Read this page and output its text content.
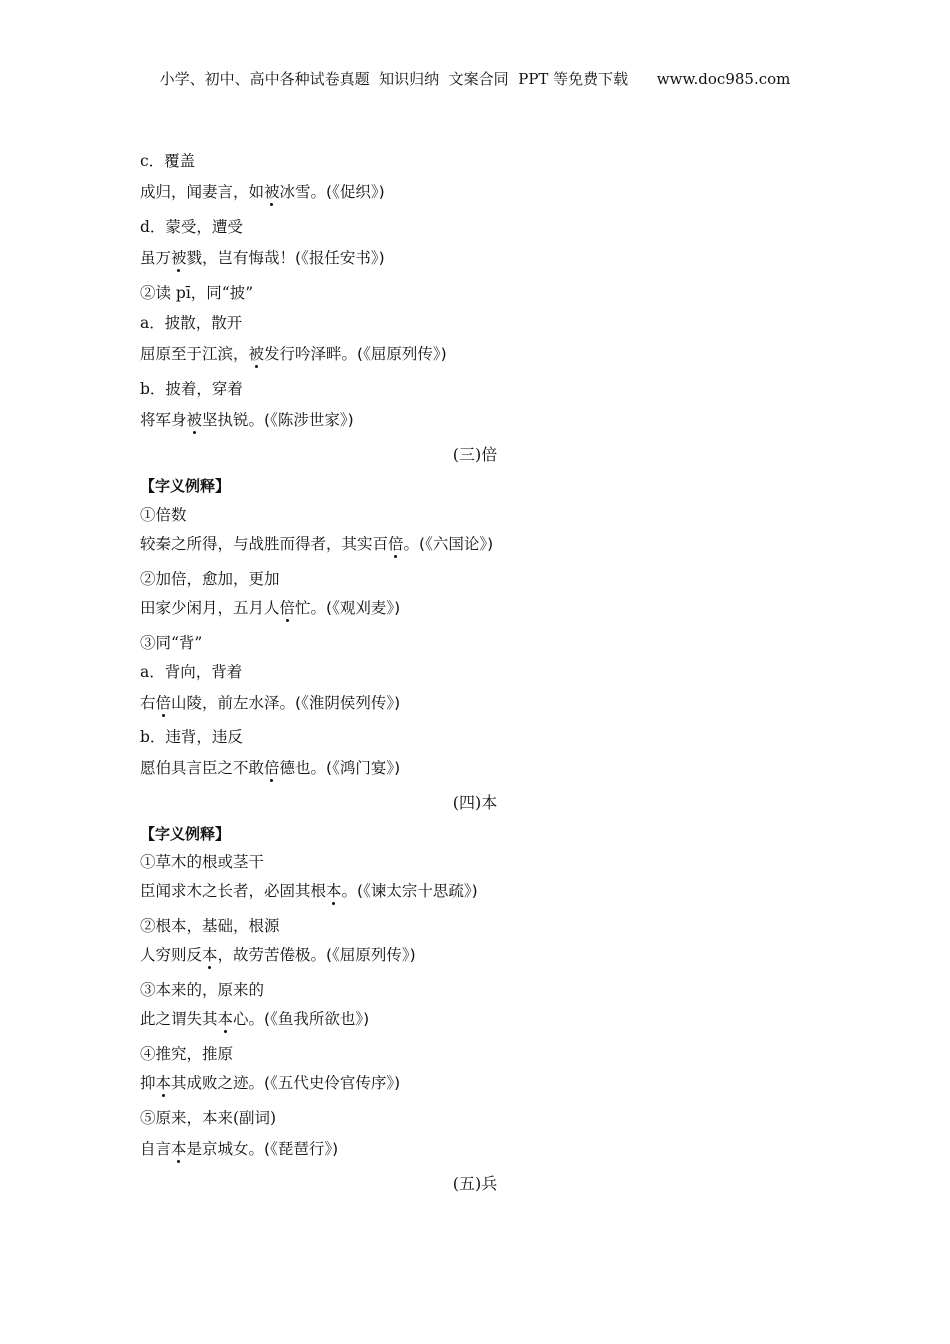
小学、初中、高中各种试卷真题  知识归纳  文案合同  PPT 等免费下载      www.doc985.com
c．覆盖
成归，闻妻言，如被冰雪。(《促织》)
d．蒙受，遭受
虽万被戮，岂有悔哉！(《报任安书》)
②读 pī，同“披”
a．披散，散开
屈原至于江滨，被发行吟泽畔。(《屈原列传》)
b．披着，穿着
将军身被坚执锐。(《陈涉世家》)
(三)倍
【字义例释】
①倍数
较秦之所得，与战胜而得者，其实百倍。(《六国论》)
②加倍，愈加，更加
田家少闲月，五月人倍忙。(《观刈麦》)
③同“背”
a．背向，背着
右倍山陵，前左水泽。(《淮阴侯列传》)
b．违背，违反
愿伯具言臣之不敢倍德也。(《鸿门宴》)
(四)本
【字义例释】
①草木的根或茎干
臣闻求木之长者，必固其根本。(《谏太宗十思疏》)
②根本，基础，根源
人穷则反本，故劳苦倦极。(《屈原列传》)
③本来的，原来的
此之谓失其本心。(《鱼我所欲也》)
④推究，推原
抑本其成败之迹。(《五代史伶官传序》)
⑤原来，本来(副词)
自言本是京城女。(《琵琶行》)
(五)兵
